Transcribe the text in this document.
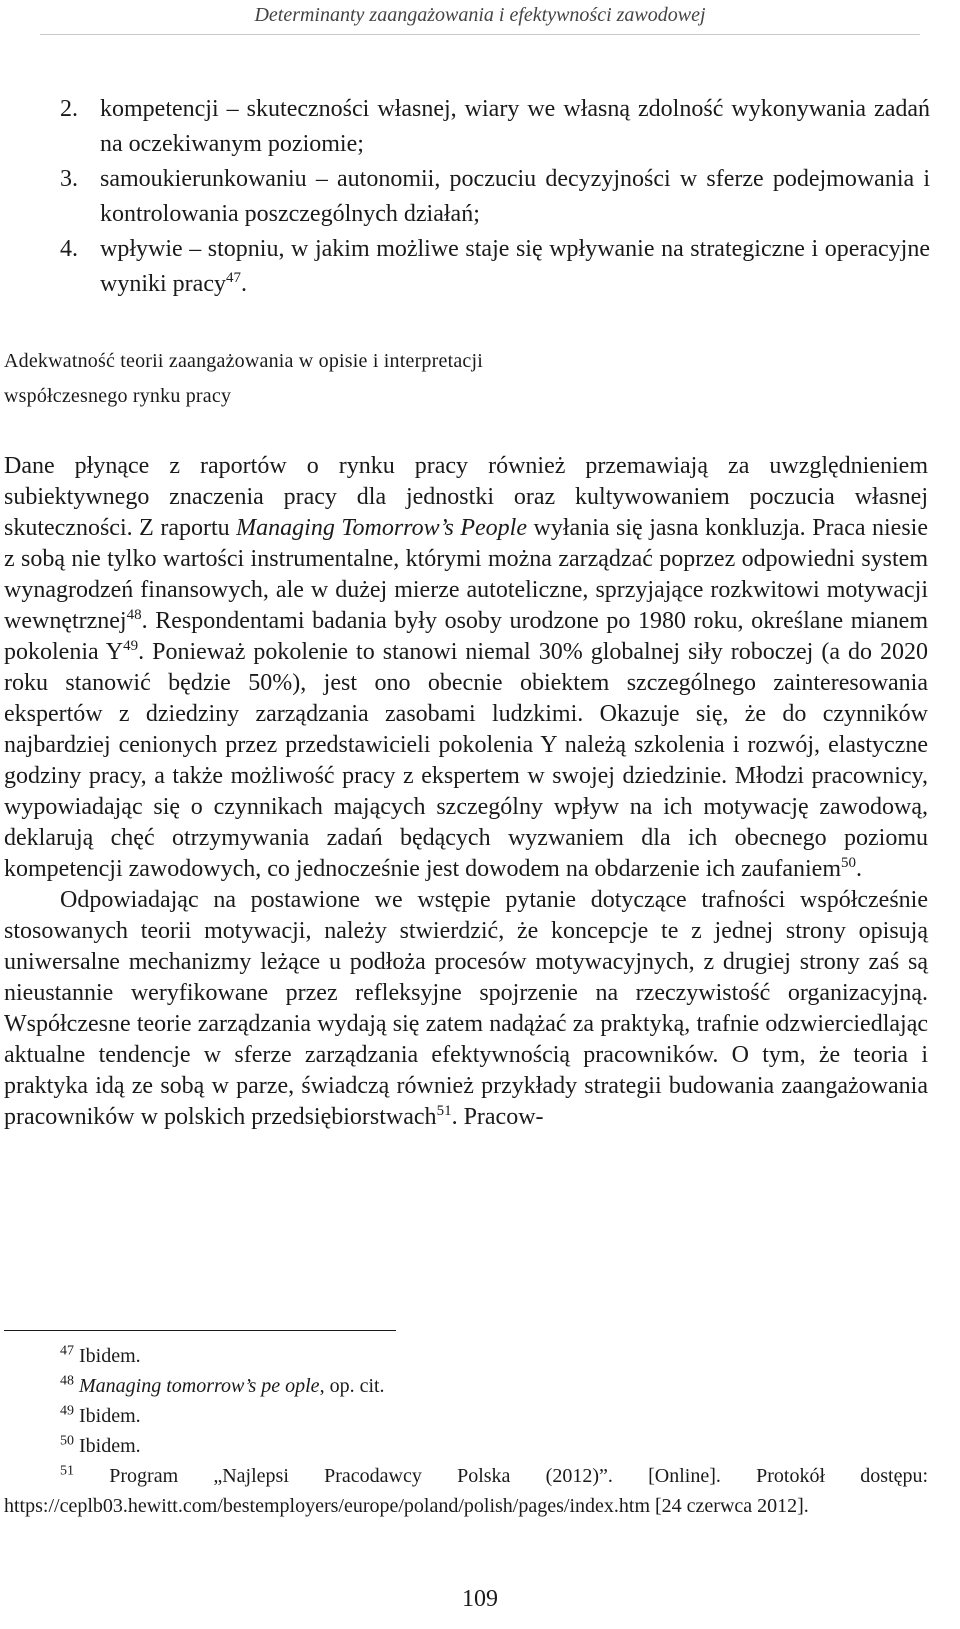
Determinanty zaangażowania i efektywności zawodowej
2. kompetencji – skuteczności własnej, wiary we własną zdolność wykonywania zadań na oczekiwanym poziomie;
3. samoukierunkowaniu – autonomii, poczuciu decyzyjności w sferze podejmowania i kontrolowania poszczególnych działań;
4. wpływie – stopniu, w jakim możliwe staje się wpływanie na strategiczne i operacyjne wyniki pracy$^{47}$.
Adekwatność teorii zaangażowania w opisie i interpretacji
współczesnego rynku pracy

Dane płynące z raportów o rynku pracy również przemawiają za uwzględnieniem subiektywnego znaczenia pracy dla jednostki oraz kultywowaniem poczucia własnej skuteczności. Z raportu Managing Tomorrow’s People wyłania się jasna konkluzja. Praca niesie z sobą nie tylko wartości instrumentalne, którymi można zarządzać poprzez odpowiedni system wynagrodzeń finansowych, ale w dużej mierze autoteliczne, sprzyjające rozkwitowi motywacji wewnętrznej$^{48}$. Respondentami badania były osoby urodzone po 1980 roku, określane mianem pokolenia $Y^{49}$. Ponieważ pokolenie to stanowi niemal 30% globalnej siły roboczej (a do 2020 roku stanowić będzie 50%), jest ono obecnie obiektem szczególnego zainteresowania ekspertów z dziedziny zarządzania zasobami ludzkimi. Okazuje się, że do czynników najbardziej cenionych przez przedstawicieli pokolenia Y należą szkolenia i rozwój, elastyczne godziny pracy, a także możliwość pracy z ekspertem w swojej dziedzinie. Młodzi pracownicy, wypowiadając się o czynnikach mających szczególny wpływ na ich motywację zawodową, deklarują chęć otrzymywania zadań będących wyzwaniem dla ich obecnego poziomu kompetencji zawodowych, co jednocześnie jest dowodem na obdarzenie ich zaufaniem$^{50}$.

Odpowiadając na postawione we wstępie pytanie dotyczące trafności współcześnie stosowanych teorii motywacji, należy stwierdzić, że koncepcje te z jednej strony opisują uniwersalne mechanizmy leżące u podłoża procesów motywacyjnych, z drugiej strony zaś są nieustannie weryfikowane przez refleksyjne spojrzenie na rzeczywistość organizacyjną. Współczesne teorie zarządzania wydają się zatem nadążać za praktyką, trafnie odzwierciedlając aktualne tendencje w sferze zarządzania efektywnością pracowników. O tym, że teoria i praktyka idą ze sobą w parze, świadczą również przykłady strategii budowania zaangażowania pracowników w polskich przedsiębiorstwach$^{51}$. Pracow-

$^{47}$ Ibidem.
$^{48}$ Managing tomorrow’s pe ople, op. cit.
$^{49}$ Ibidem.
$^{50}$ Ibidem.
$^{51}$ Program „Najlepsi Pracodawcy Polska (2012)”. [Online]. Protokół dostępu: https://ceplb03.hewitt.com/bestemployers/europe/poland/polish/pages/index.htm [24 czerwca 2012].
109
